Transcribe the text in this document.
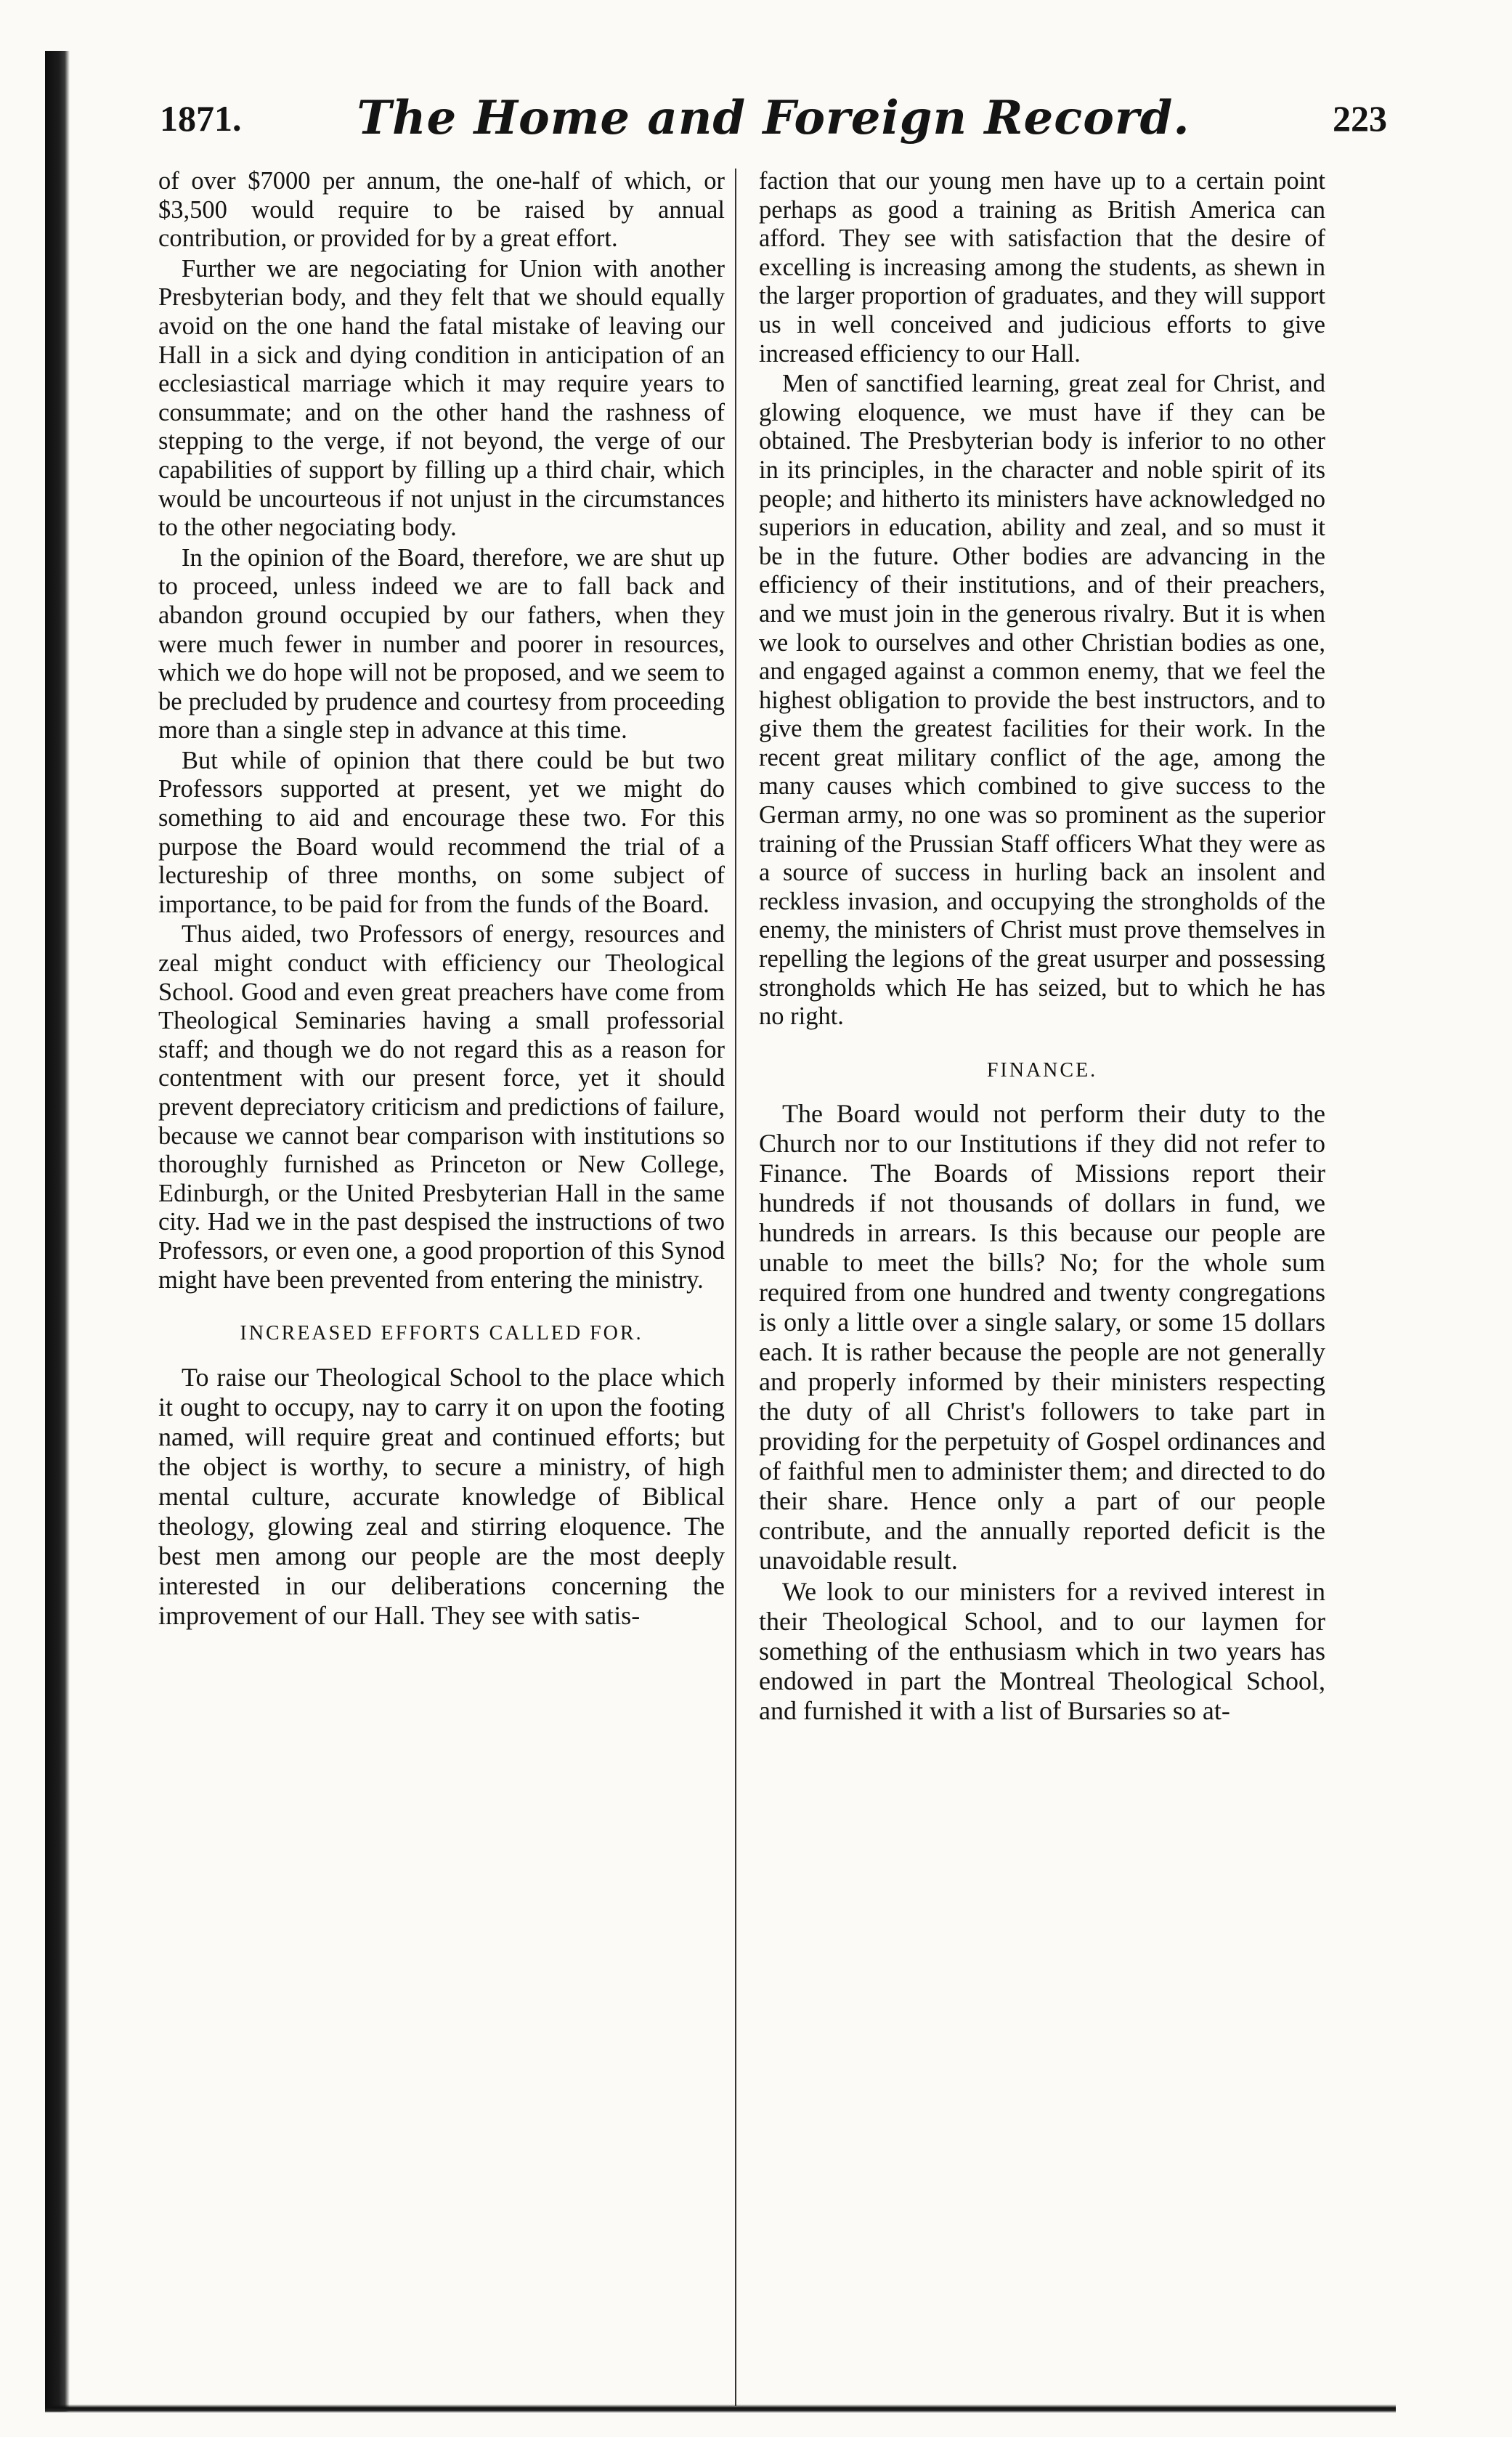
1871.	The Home and Foreign Record.	223

of over $7000 per annum, the one-half of which, or $3,500 would require to be raised by annual contribution, or provided for by a great effort.

Further we are negociating for Union with another Presbyterian body, and they felt that we should equally avoid on the one hand the fatal mistake of leaving our Hall in a sick and dying condition in anticipation of an ecclesiastical marriage which it may require years to consummate; and on the other hand the rashness of stepping to the verge, if not beyond, the verge of our capabilities of support by filling up a third chair, which would be uncourteous if not unjust in the circumstances to the other negociating body.

In the opinion of the Board, therefore, we are shut up to proceed, unless indeed we are to fall back and abandon ground occupied by our fathers, when they were much fewer in number and poorer in resources, which we do hope will not be proposed, and we seem to be precluded by prudence and courtesy from proceeding more than a single step in advance at this time.

But while of opinion that there could be but two Professors supported at present, yet we might do something to aid and encourage these two. For this purpose the Board would recommend the trial of a lectureship of three months, on some subject of importance, to be paid for from the funds of the Board.

Thus aided, two Professors of energy, resources and zeal might conduct with efficiency our Theological School. Good and even great preachers have come from Theological Seminaries having a small professorial staff; and though we do not regard this as a reason for contentment with our present force, yet it should prevent depreciatory criticism and predictions of failure, because we cannot bear comparison with institutions so thoroughly furnished as Princeton or New College, Edinburgh, or the United Presbyterian Hall in the same city. Had we in the past despised the instructions of two Professors, or even one, a good proportion of this Synod might have been prevented from entering the ministry.

INCREASED EFFORTS CALLED FOR.

To raise our Theological School to the place which it ought to occupy, nay to carry it on upon the footing named, will require great and continued efforts; but the object is worthy, to secure a ministry, of high mental culture, accurate knowledge of Biblical theology, glowing zeal and stirring eloquence. The best men among our people are the most deeply interested in our deliberations concerning the improvement of our Hall. They see with satis-

faction that our young men have up to a certain point perhaps as good a training as British America can afford. They see with satisfaction that the desire of excelling is increasing among the students, as shewn in the larger proportion of graduates, and they will support us in well conceived and judicious efforts to give increased efficiency to our Hall.

Men of sanctified learning, great zeal for Christ, and glowing eloquence, we must have if they can be obtained. The Presbyterian body is inferior to no other in its principles, in the character and noble spirit of its people; and hitherto its ministers have acknowledged no superiors in education, ability and zeal, and so must it be in the future. Other bodies are advancing in the efficiency of their institutions, and of their preachers, and we must join in the generous rivalry. But it is when we look to ourselves and other Christian bodies as one, and engaged against a common enemy, that we feel the highest obligation to provide the best instructors, and to give them the greatest facilities for their work. In the recent great military conflict of the age, among the many causes which combined to give success to the German army, no one was so prominent as the superior training of the Prussian Staff officers What they were as a source of success in hurling back an insolent and reckless invasion, and occupying the strongholds of the enemy, the ministers of Christ must prove themselves in repelling the legions of the great usurper and possessing strongholds which He has seized, but to which he has no right.

FINANCE.

The Board would not perform their duty to the Church nor to our Institutions if they did not refer to Finance. The Boards of Missions report their hundreds if not thousands of dollars in fund, we hundreds in arrears. Is this because our people are unable to meet the bills? No; for the whole sum required from one hundred and twenty congregations is only a little over a single salary, or some 15 dollars each. It is rather because the people are not generally and properly informed by their ministers respecting the duty of all Christ's followers to take part in providing for the perpetuity of Gospel ordinances and of faithful men to administer them; and directed to do their share. Hence only a part of our people contribute, and the annually reported deficit is the unavoidable result.

We look to our ministers for a revived interest in their Theological School, and to our laymen for something of the enthusiasm which in two years has endowed in part the Montreal Theological School, and furnished it with a list of Bursaries so at-
